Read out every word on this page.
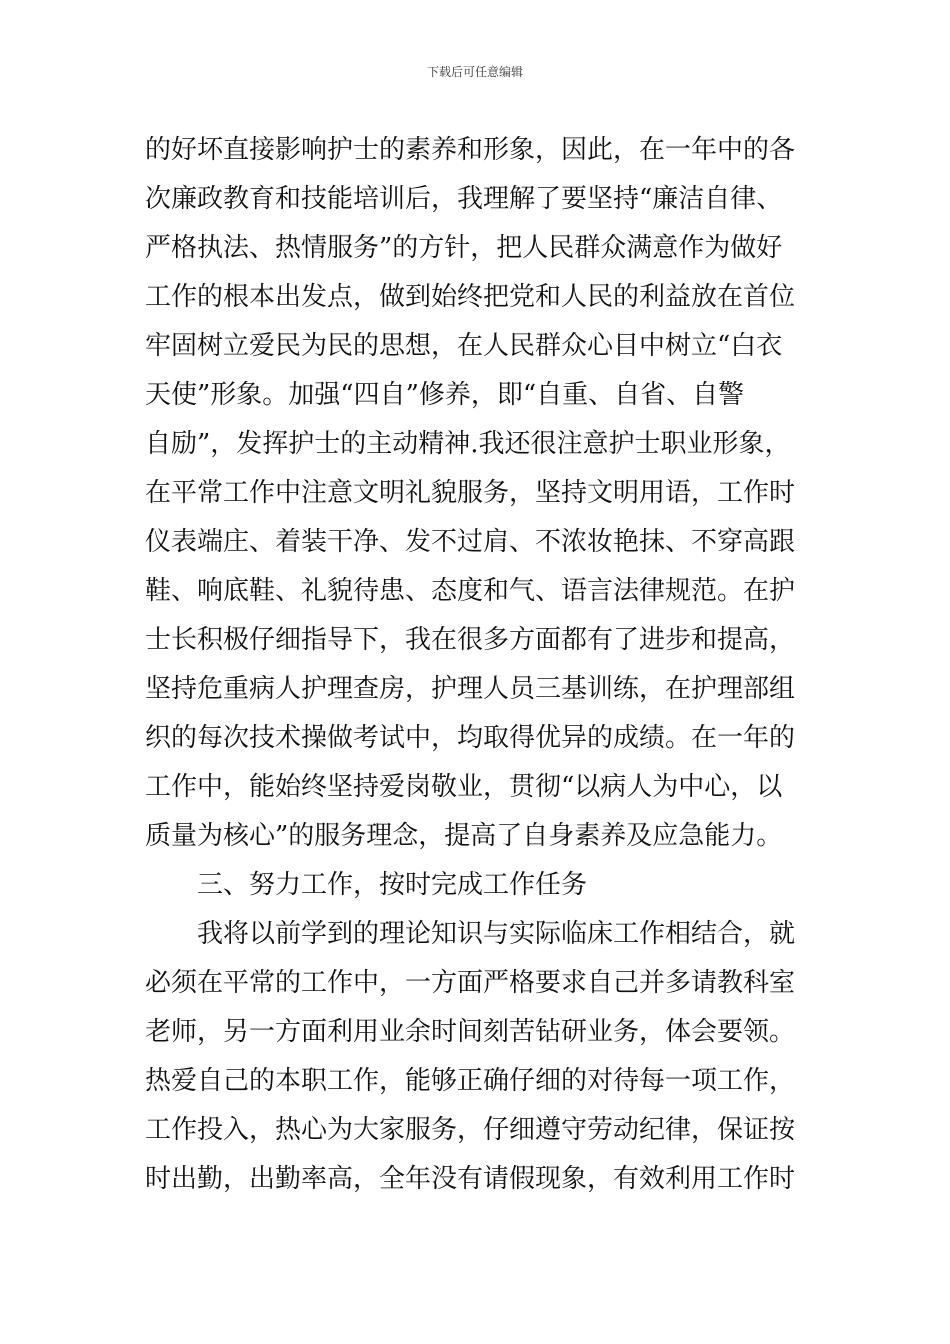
下载后可任意编辑
的好坏直接影响护士的素养和形象，因此，在一年中的各
次廉政教育和技能培训后，我理解了要坚持“廉洁自律、
严格执法、热情服务”的方针，把人民群众满意作为做好
工作的根本出发点，做到始终把党和人民的利益放在首位
牢固树立爱民为民的思想，在人民群众心目中树立“白衣
天使”形象。加强“四自”修养，即“自重、自省、自警
自励”，发挥护士的主动精神.我还很注意护士职业形象，
在平常工作中注意文明礼貌服务，坚持文明用语，工作时
仪表端庄、着装干净、发不过肩、不浓妆艳抹、不穿高跟
鞋、响底鞋、礼貌待患、态度和气、语言法律规范。在护
士长积极仔细指导下，我在很多方面都有了进步和提高，
坚持危重病人护理查房，护理人员三基训练，在护理部组
织的每次技术操做考试中，均取得优异的成绩。在一年的
工作中，能始终坚持爱岗敬业，贯彻“以病人为中心，以
质量为核心”的服务理念，提高了自身素养及应急能力。
三、努力工作，按时完成工作任务
我将以前学到的理论知识与实际临床工作相结合，就
必须在平常的工作中，一方面严格要求自己并多请教科室
老师，另一方面利用业余时间刻苦钻研业务，体会要领。
热爱自己的本职工作，能够正确仔细的对待每一项工作，
工作投入，热心为大家服务，仔细遵守劳动纪律，保证按
时出勤，出勤率高，全年没有请假现象，有效利用工作时
